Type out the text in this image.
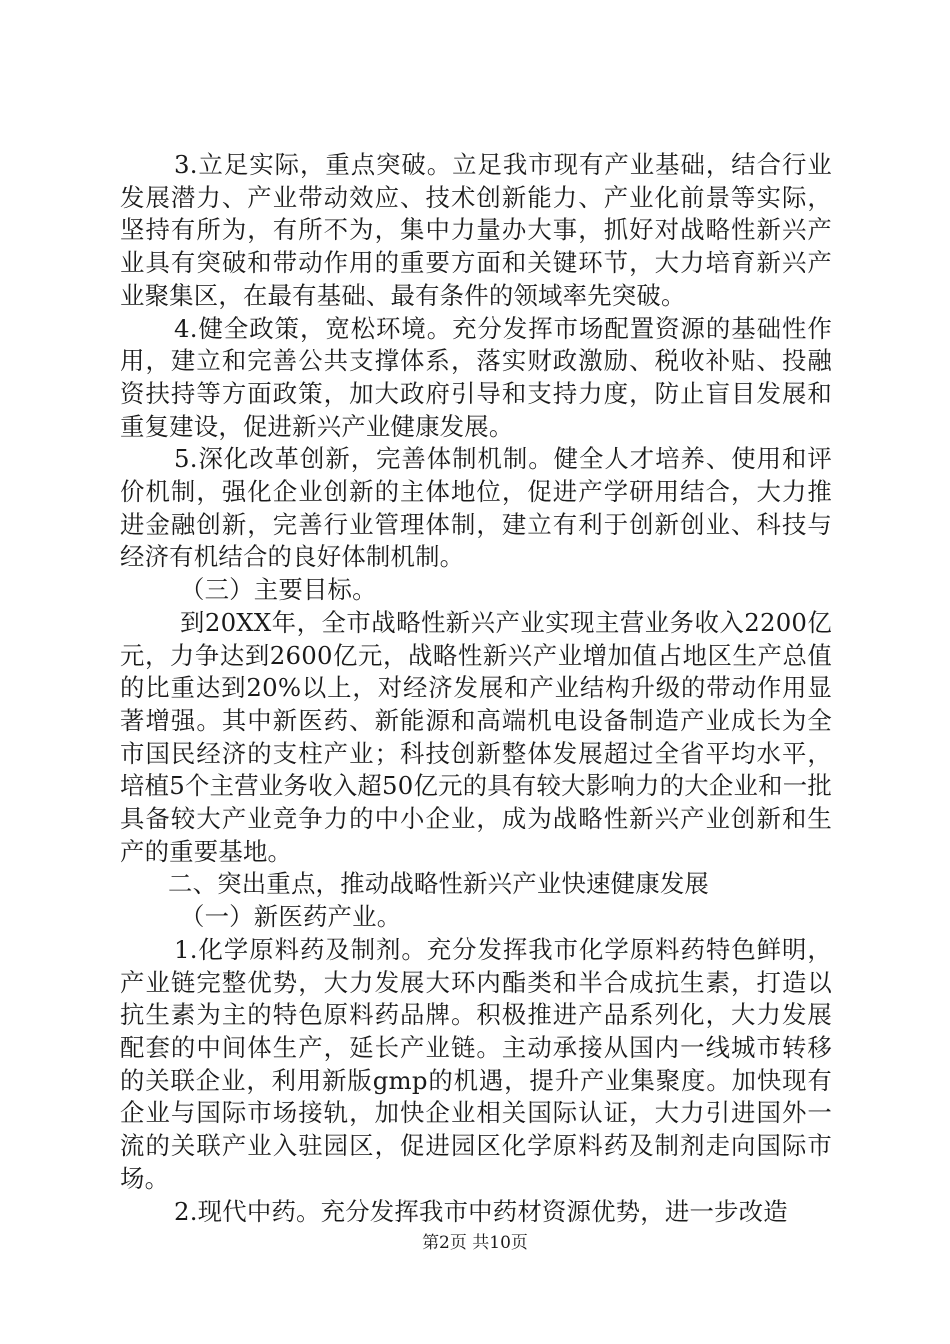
3.立足实际，重点突破。立足我市现有产业基础，结合行业发展潜力、产业带动效应、技术创新能力、产业化前景等实际，坚持有所为，有所不为，集中力量办大事，抓好对战略性新兴产业具有突破和带动作用的重要方面和关键环节，大力培育新兴产业聚集区，在最有基础、最有条件的领域率先突破。

4.健全政策，宽松环境。充分发挥市场配置资源的基础性作用，建立和完善公共支撑体系，落实财政激励、税收补贴、投融资扶持等方面政策，加大政府引导和支持力度，防止盲目发展和重复建设，促进新兴产业健康发展。

5.深化改革创新，完善体制机制。健全人才培养、使用和评价机制，强化企业创新的主体地位，促进产学研用结合，大力推进金融创新，完善行业管理体制，建立有利于创新创业、科技与经济有机结合的良好体制机制。

（三）主要目标。

到20XX年，全市战略性新兴产业实现主营业务收入2200亿元，力争达到2600亿元，战略性新兴产业增加值占地区生产总值的比重达到20%以上，对经济发展和产业结构升级的带动作用显著增强。其中新医药、新能源和高端机电设备制造产业成长为全市国民经济的支柱产业；科技创新整体发展超过全省平均水平，培植5个主营业务收入超50亿元的具有较大影响力的大企业和一批具备较大产业竞争力的中小企业，成为战略性新兴产业创新和生产的重要基地。

二、突出重点，推动战略性新兴产业快速健康发展

（一）新医药产业。

1.化学原料药及制剂。充分发挥我市化学原料药特色鲜明，产业链完整优势，大力发展大环内酯类和半合成抗生素，打造以抗生素为主的特色原料药品牌。积极推进产品系列化，大力发展配套的中间体生产，延长产业链。主动承接从国内一线城市转移的关联企业，利用新版gmp的机遇，提升产业集聚度。加快现有企业与国际市场接轨，加快企业相关国际认证，大力引进国外一流的关联产业入驻园区，促进园区化学原料药及制剂走向国际市场。

2.现代中药。充分发挥我市中药材资源优势，进一步改造

第2页 共10页
